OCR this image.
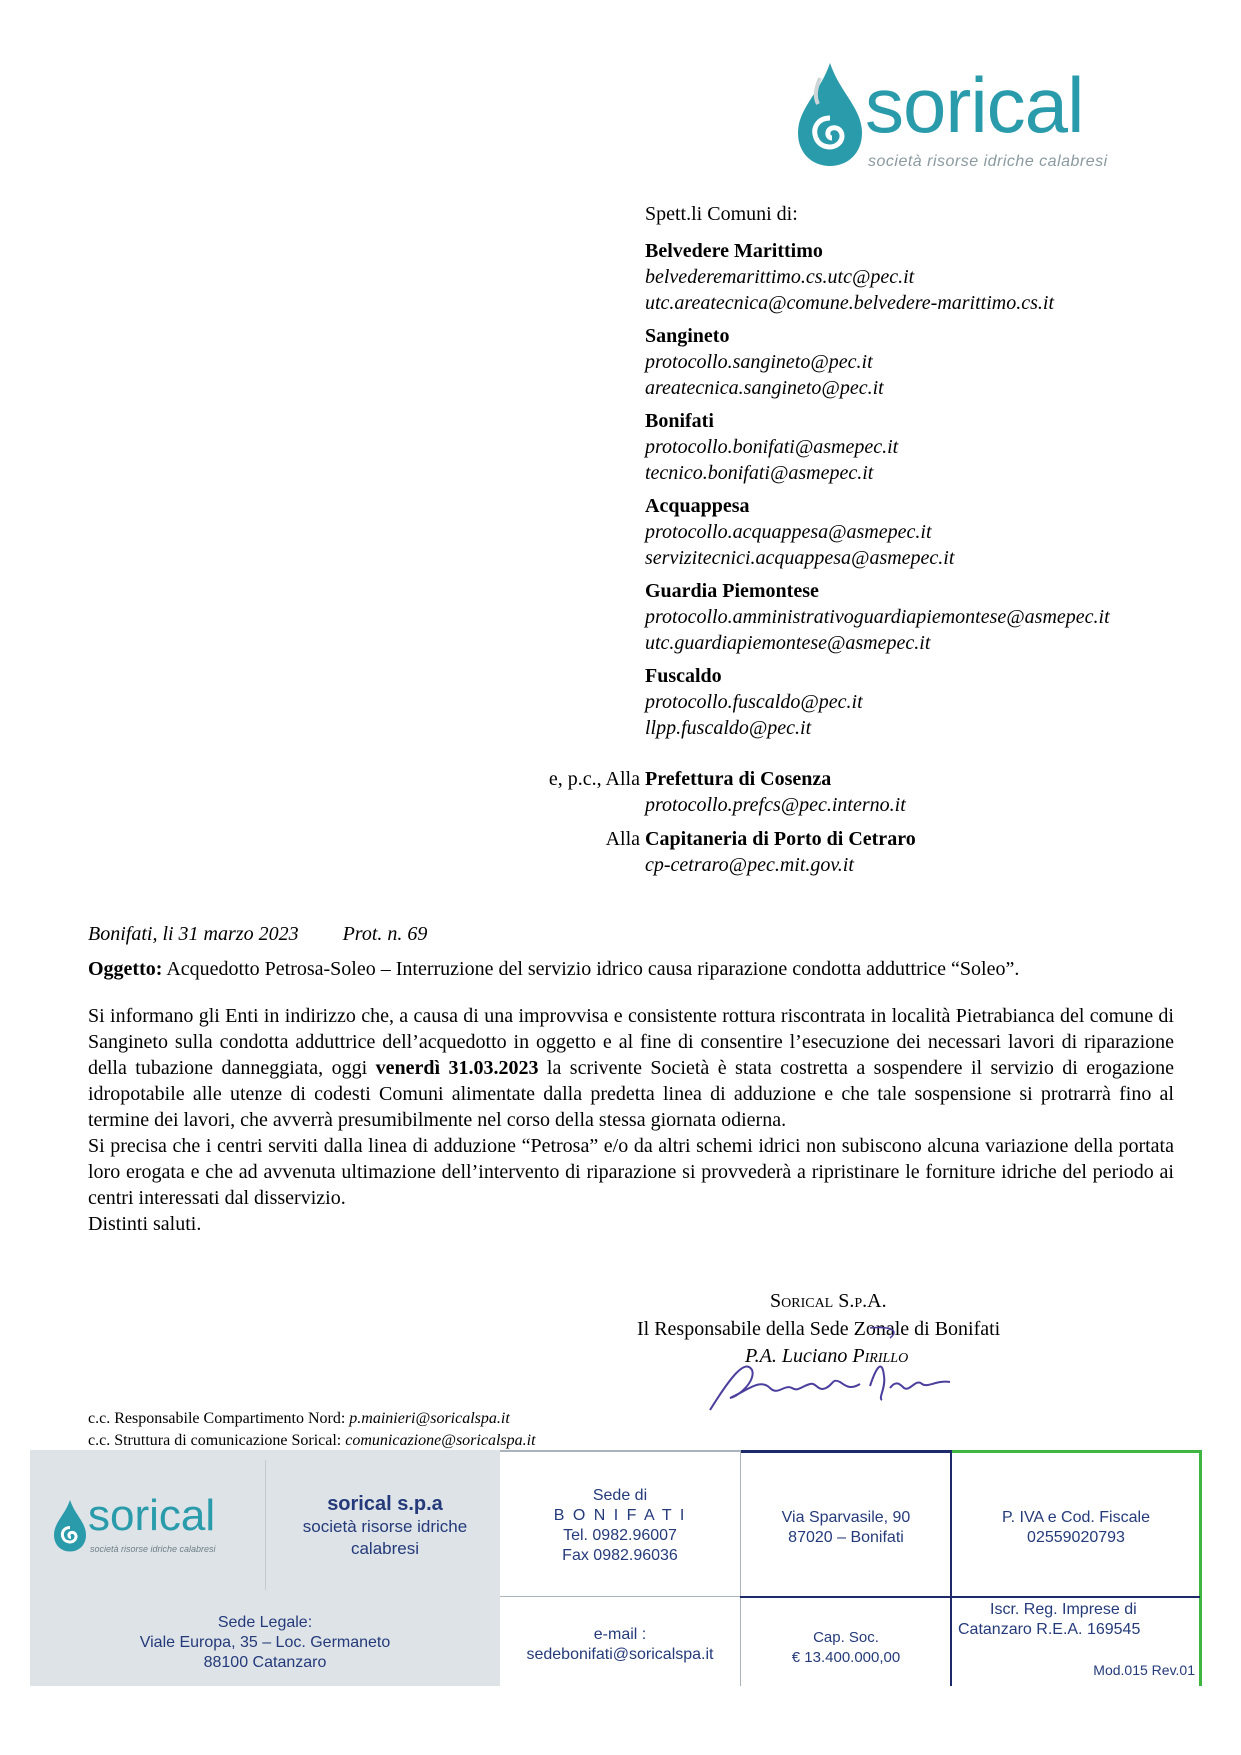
sorical
società risorse idriche calabresi
Spett.li Comuni di:
Belvedere Marittimo
belvederemarittimo.cs.utc@pec.it
utc.areatecnica@comune.belvedere-marittimo.cs.it
Sangineto
protocollo.sangineto@pec.it
areatecnica.sangineto@pec.it
Bonifati
protocollo.bonifati@asmepec.it
tecnico.bonifati@asmepec.it
Acquappesa
protocollo.acquappesa@asmepec.it
servizitecnici.acquappesa@asmepec.it
Guardia Piemontese
protocollo.amministrativoguardiapiemontese@asmepec.it
utc.guardiapiemontese@asmepec.it
Fuscaldo
protocollo.fuscaldo@pec.it
llpp.fuscaldo@pec.it
e, p.c., Alla Prefettura di Cosenza
protocollo.prefcs@pec.interno.it
Alla Capitaneria di Porto di Cetraro
cp-cetraro@pec.mit.gov.it
Bonifati, li 31 marzo 2023 Prot. n. 69
Oggetto: Acquedotto Petrosa-Soleo – Interruzione del servizio idrico causa riparazione condotta adduttrice “Soleo”.

Si informano gli Enti in indirizzo che, a causa di una improvvisa e consistente rottura riscontrata in località Pietrabianca del comune di Sangineto sulla condotta adduttrice dell’acquedotto in oggetto e al fine di consentire l’esecuzione dei necessari lavori di riparazione della tubazione danneggiata, oggi venerdì 31.03.2023 la scrivente Società è stata costretta a sospendere il servizio di erogazione idropotabile alle utenze di codesti Comuni alimentate dalla predetta linea di adduzione e che tale sospensione si protrarrà fino al termine dei lavori, che avverrà presumibilmente nel corso della stessa giornata odierna.

Si precisa che i centri serviti dalla linea di adduzione “Petrosa” e/o da altri schemi idrici non subiscono alcuna variazione della portata loro erogata e che ad avvenuta ultimazione dell’intervento di riparazione si provvederà a ripristinare le forniture idriche del periodo ai centri interessati dal disservizio.

Distinti saluti.

Sorical S.p.A.
Il Responsabile della Sede Zonale di Bonifati
P.A. Luciano Pirillo
c.c. Responsabile Compartimento Nord: p.mainieri@soricalspa.it
c.c. Struttura di comunicazione Sorical: comunicazione@soricalspa.it
sorical
società risorse idriche calabresi
sorical s.p.a
società risorse idriche calabresi
Sede di
B O N I F A T I
Tel. 0982.96007
Fax 0982.96036
Via Sparvasile, 90
87020 – Bonifati
P. IVA e Cod. Fiscale
02559020793
Sede Legale:
Viale Europa, 35 – Loc. Germaneto
88100 Catanzaro
e-mail :
sedebonifati@soricalspa.it
Cap. Soc.
€ 13.400.000,00
Iscr. Reg. Imprese di
Catanzaro R.E.A. 169545
Mod.015 Rev.01
